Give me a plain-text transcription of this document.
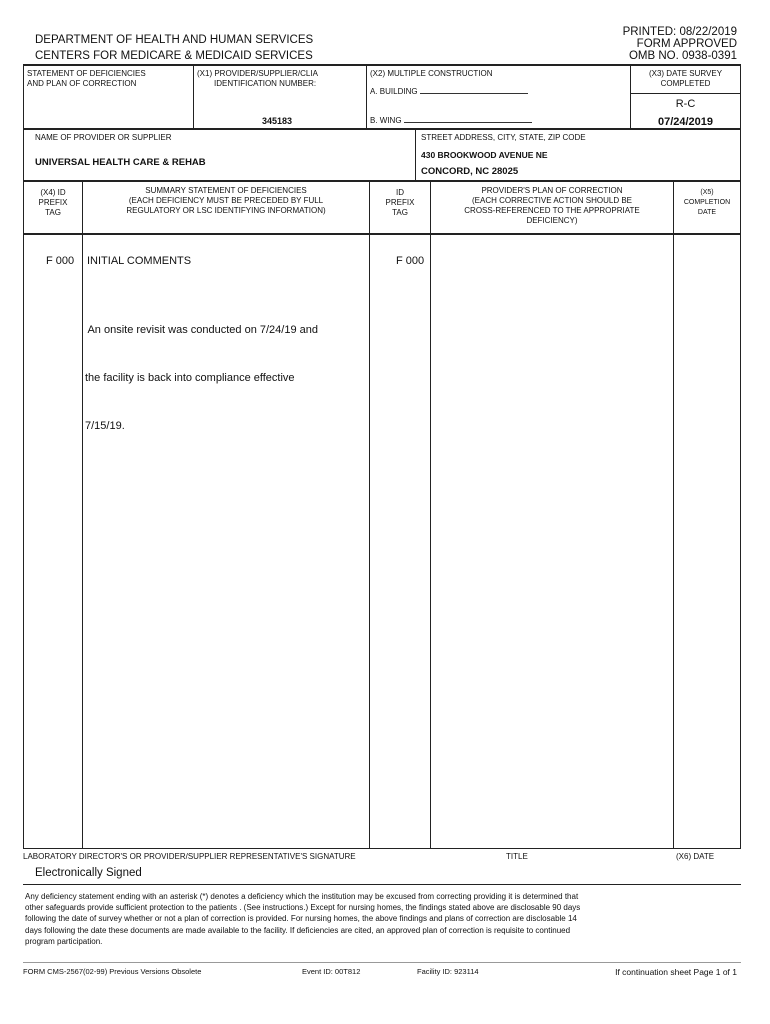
DEPARTMENT OF HEALTH AND HUMAN SERVICES
CENTERS FOR MEDICARE & MEDICAID SERVICES
PRINTED: 08/22/2019
FORM APPROVED
OMB NO. 0938-0391
STATEMENT OF DEFICIENCIES
AND PLAN OF CORRECTION
(X1) PROVIDER/SUPPLIER/CLIA
IDENTIFICATION NUMBER:
345183
(X2) MULTIPLE CONSTRUCTION
A. BUILDING
B. WING
(X3) DATE SURVEY
COMPLETED
R-C
07/24/2019
NAME OF PROVIDER OR SUPPLIER
UNIVERSAL HEALTH CARE & REHAB
STREET ADDRESS, CITY, STATE, ZIP CODE
430 BROOKWOOD AVENUE NE
CONCORD, NC 28025
(X4) ID
PREFIX
TAG
SUMMARY STATEMENT OF DEFICIENCIES
(EACH DEFICIENCY MUST BE PRECEDED BY FULL
REGULATORY OR LSC IDENTIFYING INFORMATION)
ID
PREFIX
TAG
PROVIDER'S PLAN OF CORRECTION
(EACH CORRECTIVE ACTION SHOULD BE
CROSS-REFERENCED TO THE APPROPRIATE
DEFICIENCY)
(X5)
COMPLETION
DATE
F 000 INITIAL COMMENTS	F 000

An onsite revisit was conducted on 7/24/19 and

the facility is back into compliance effective

7/15/19.

LABORATORY DIRECTOR'S OR PROVIDER/SUPPLIER REPRESENTATIVE'S SIGNATURE	TITLE	(X6) DATE
Electronically Signed
Any deficiency statement ending with an asterisk (*) denotes a deficiency which the institution may be excused from correcting providing it is determined that
other safeguards provide sufficient protection to the patients . (See instructions.) Except for nursing homes, the findings stated above are disclosable 90 days
following the date of survey whether or not a plan of correction is provided. For nursing homes, the above findings and plans of correction are disclosable 14
days following the date these documents are made available to the facility. If deficiencies are cited, an approved plan of correction is requisite to continued
program participation.
FORM CMS-2567(02-99) Previous Versions Obsolete	Event ID: 00T812	Facility ID: 923114	If continuation sheet Page 1 of 1
